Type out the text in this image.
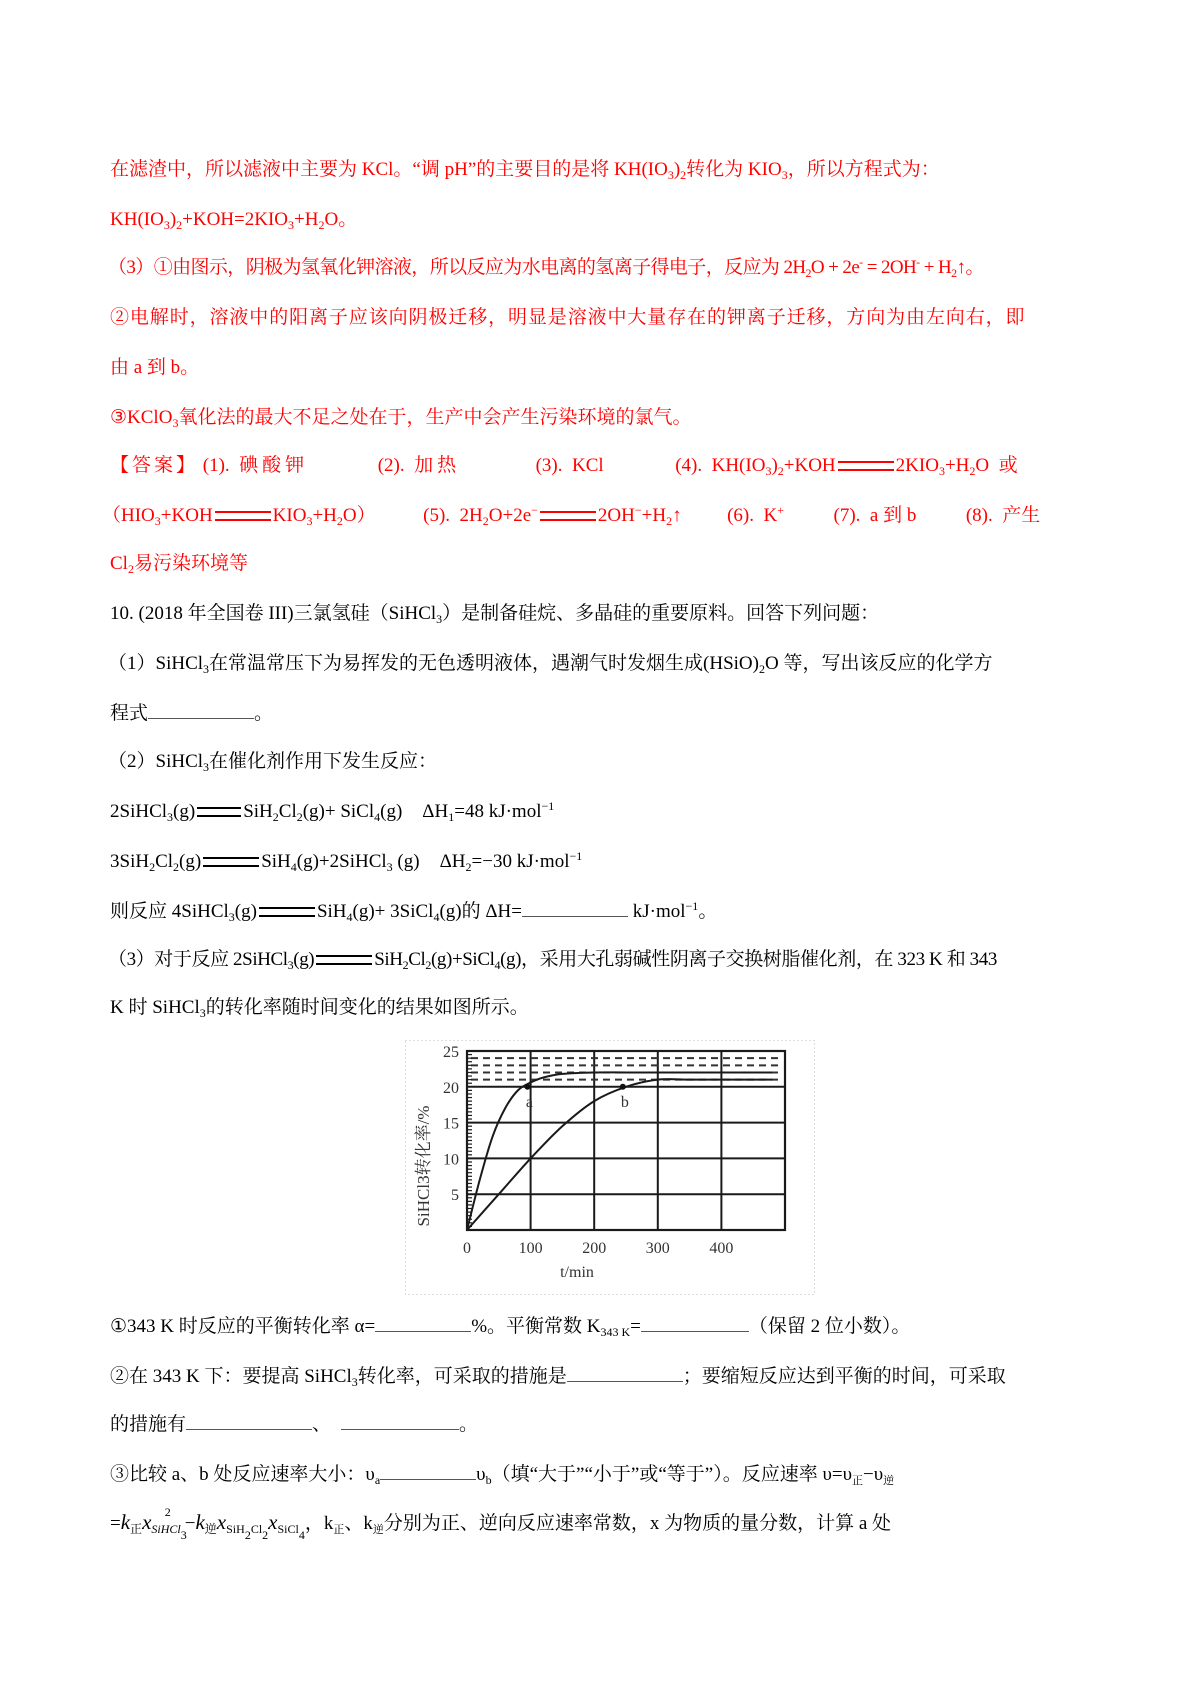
在滤渣中，所以滤液中主要为 KCl。“调 pH”的主要目的是将 $KH(IO_3)_2$转化为 $KIO_3$，所以方程式为：
$KH(IO_3)_2+KOH=2KIO_3+H_2O$。
（3）①由图示，阴极为氢氧化钾溶液，所以反应为水电离的氢离子得电子，反应为 $2H_2O + 2e^- = 2OH^-$ + $H_2↑$。
②电解时，溶液中的阳离子应该向阴极迁移，明显是溶液中大量存在的钾离子迁移，方向为由左向右，即
由 a 到 b。
③KClO$_3$氧化法的最大不足之处在于，生产中会产生污染环境的氯气。
【答案】 (1). 碘酸钾	(2). 加热	(3). KCl	(4). $KH(IO_3)_2+KOH$	$2KIO_3+H_2O$ 或
（$HIO_3+KOH$	$KIO_3+H_2O$）	(5). $2H_2O+2e^-$	$2OH^-+H_2↑$ (6). K+	(7). a 到 b	(8). 产生
$Cl_2$易污染环境等
10. (2018 年全国卷 III)三氯氢硅（SiHCl$_3$）是制备硅烷、多晶硅的重要原料。回答下列问题：
（1）SiHCl$_3$在常温常压下为易挥发的无色透明液体，遇潮气时发烟生成$(HSiO)_2O$ 等，写出该反应的化学方
程式	。
（2）SiHCl$_3$在催化剂作用下发生反应：
2SiHCl$_3$(g)	$SiH_2Cl_2(g)+$ SiCl$_4$(g) $\Delta H_1=48$ kJ·mol$^{-1}$
$3SiH_2Cl_2(g)$	SiH$_4$(g)+2SiHCl$_3$ (g) $\Delta H_2=-30$ kJ·mol$^{-1}$
则反应 4SiHCl$_3$(g)	SiH$_4$(g)+ 3SiCl$_4$(g)的 ΔH=	kJ·mol$^{-1}$。
（3）对于反应 2SiHCl$_3$(g)	$SiH_2Cl_2(g)+SiCl_4(g)$，采用大孔弱碱性阴离子交换树脂催化剂，在 323 K 和 343
K 时 SiHCl$_3$的转化率随时间变化的结果如图所示。
a	b
5
10
15
20
25
0	100 200 300 400
SiHCl3转化率/%
t/min
①343 K 时反应的平衡转化率 α=	%。平衡常数 $K_{343 K}=$	（保留 2 位小数）。
②在 343 K 下：要提高 SiHCl$_3$转化率，可采取的措施是	；要缩短反应达到平衡的时间，可采取
的措施有	、	。
③比较 a、b 处反应速率大小：$\upsilon_a$	$\upsilon_b$（填“大于”“小于”或“等于”）。反应速率 $\upsilon=\upsilon_正-\upsilon_逆$
$=k_正x_{SiHCl3}^2-k_逆x_{SiH2Cl2}x_{SiCl4}$，$k_正$、$k_逆$分别为正、逆向反应速率常数，x 为物质的量分数，计算 a 处
